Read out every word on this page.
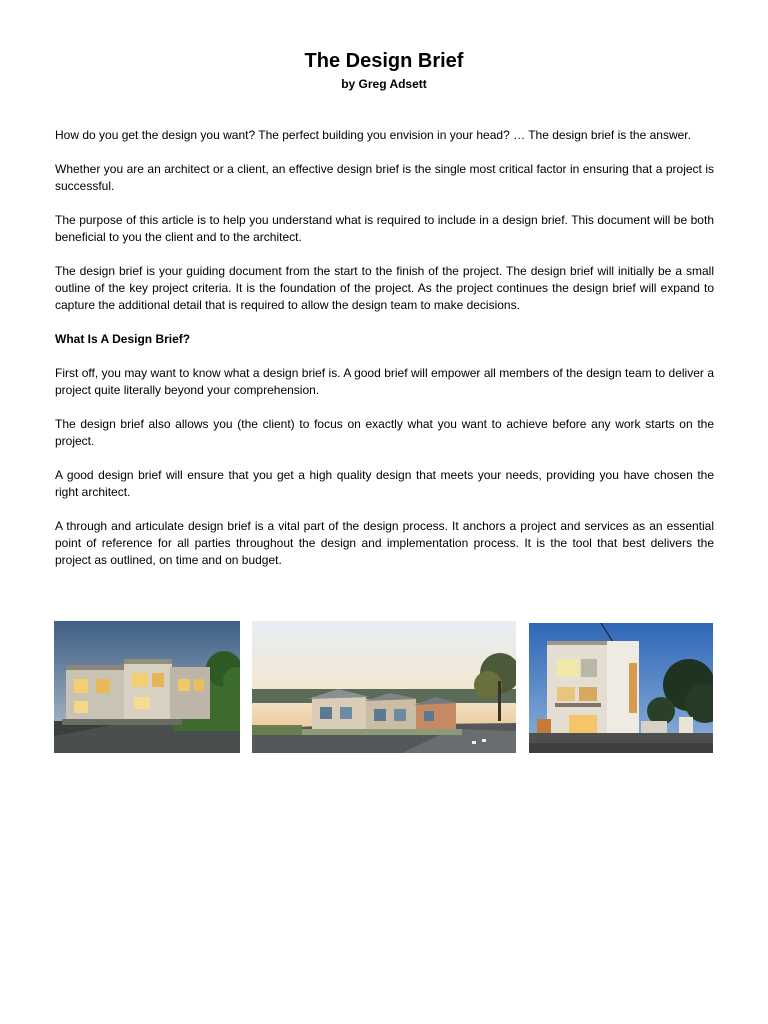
The Design Brief
by Greg Adsett

How do you get the design you want? The perfect building you envision in your head? … The design brief is the answer.

Whether you are an architect or a client, an effective design brief is the single most critical factor in ensuring that a project is successful.

The purpose of this article is to help you understand what is required to include in a design brief. This document will be both beneficial to you the client and to the architect.

The design brief is your guiding document from the start to the finish of the project. The design brief will initially be a small outline of the key project criteria. It is the foundation of the project. As the project continues the design brief will expand to capture the additional detail that is required to allow the design team to make decisions.

What Is A Design Brief?

First off, you may want to know what a design brief is. A good brief will empower all members of the design team to deliver a project quite literally beyond your comprehension.

The design brief also allows you (the client) to focus on exactly what you want to achieve before any work starts on the project.

A good design brief will ensure that you get a high quality design that meets your needs, providing you have chosen the right architect.

A through and articulate design brief is a vital part of the design process. It anchors a project and services as an essential point of reference for all parties throughout the design and implementation process. It is the tool that best delivers the project as outlined, on time and on budget.
